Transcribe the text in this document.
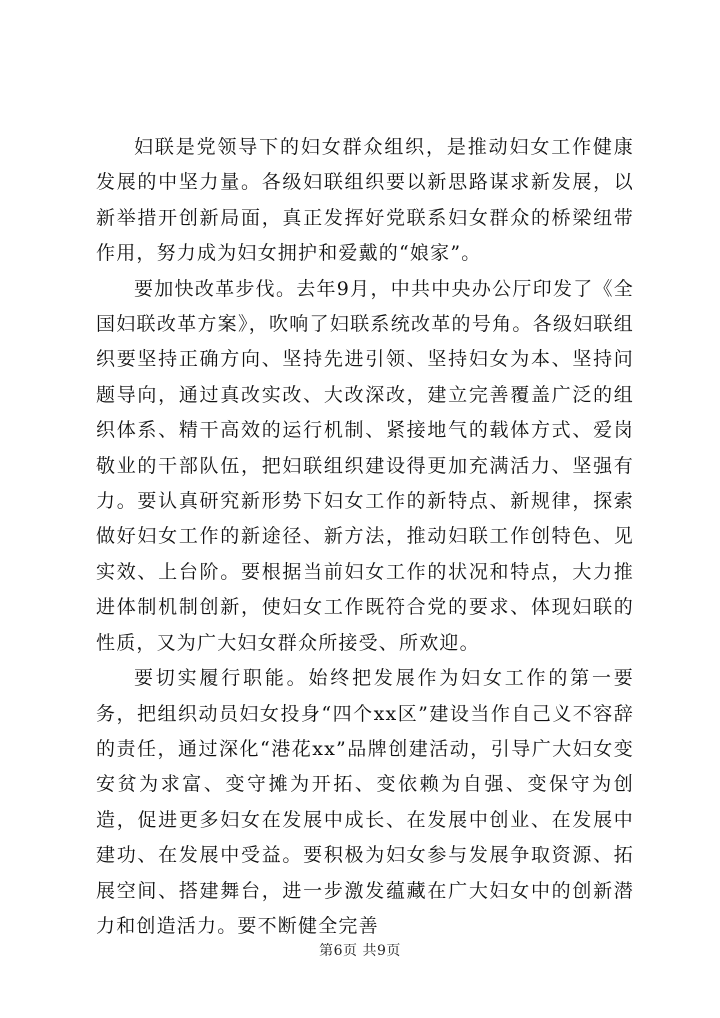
妇联是党领导下的妇女群众组织，是推动妇女工作健康发展的中坚力量。各级妇联组织要以新思路谋求新发展，以新举措开创新局面，真正发挥好党联系妇女群众的桥梁纽带作用，努力成为妇女拥护和爱戴的“娘家”。

要加快改革步伐。去年9月，中共中央办公厅印发了《全国妇联改革方案》，吹响了妇联系统改革的号角。各级妇联组织要坚持正确方向、坚持先进引领、坚持妇女为本、坚持问题导向，通过真改实改、大改深改，建立完善覆盖广泛的组织体系、精干高效的运行机制、紧接地气的载体方式、爱岗敬业的干部队伍，把妇联组织建设得更加充满活力、坚强有力。要认真研究新形势下妇女工作的新特点、新规律，探索做好妇女工作的新途径、新方法，推动妇联工作创特色、见实效、上台阶。要根据当前妇女工作的状况和特点，大力推进体制机制创新，使妇女工作既符合党的要求、体现妇联的性质，又为广大妇女群众所接受、所欢迎。

要切实履行职能。始终把发展作为妇女工作的第一要务，把组织动员妇女投身“四个xx区”建设当作自己义不容辞的责任，通过深化“港花xx”品牌创建活动，引导广大妇女变安贫为求富、变守摊为开拓、变依赖为自强、变保守为创造，促进更多妇女在发展中成长、在发展中创业、在发展中建功、在发展中受益。要积极为妇女参与发展争取资源、拓展空间、搭建舞台，进一步激发蕴藏在广大妇女中的创新潜力和创造活力。要不断健全完善

第6页 共9页
